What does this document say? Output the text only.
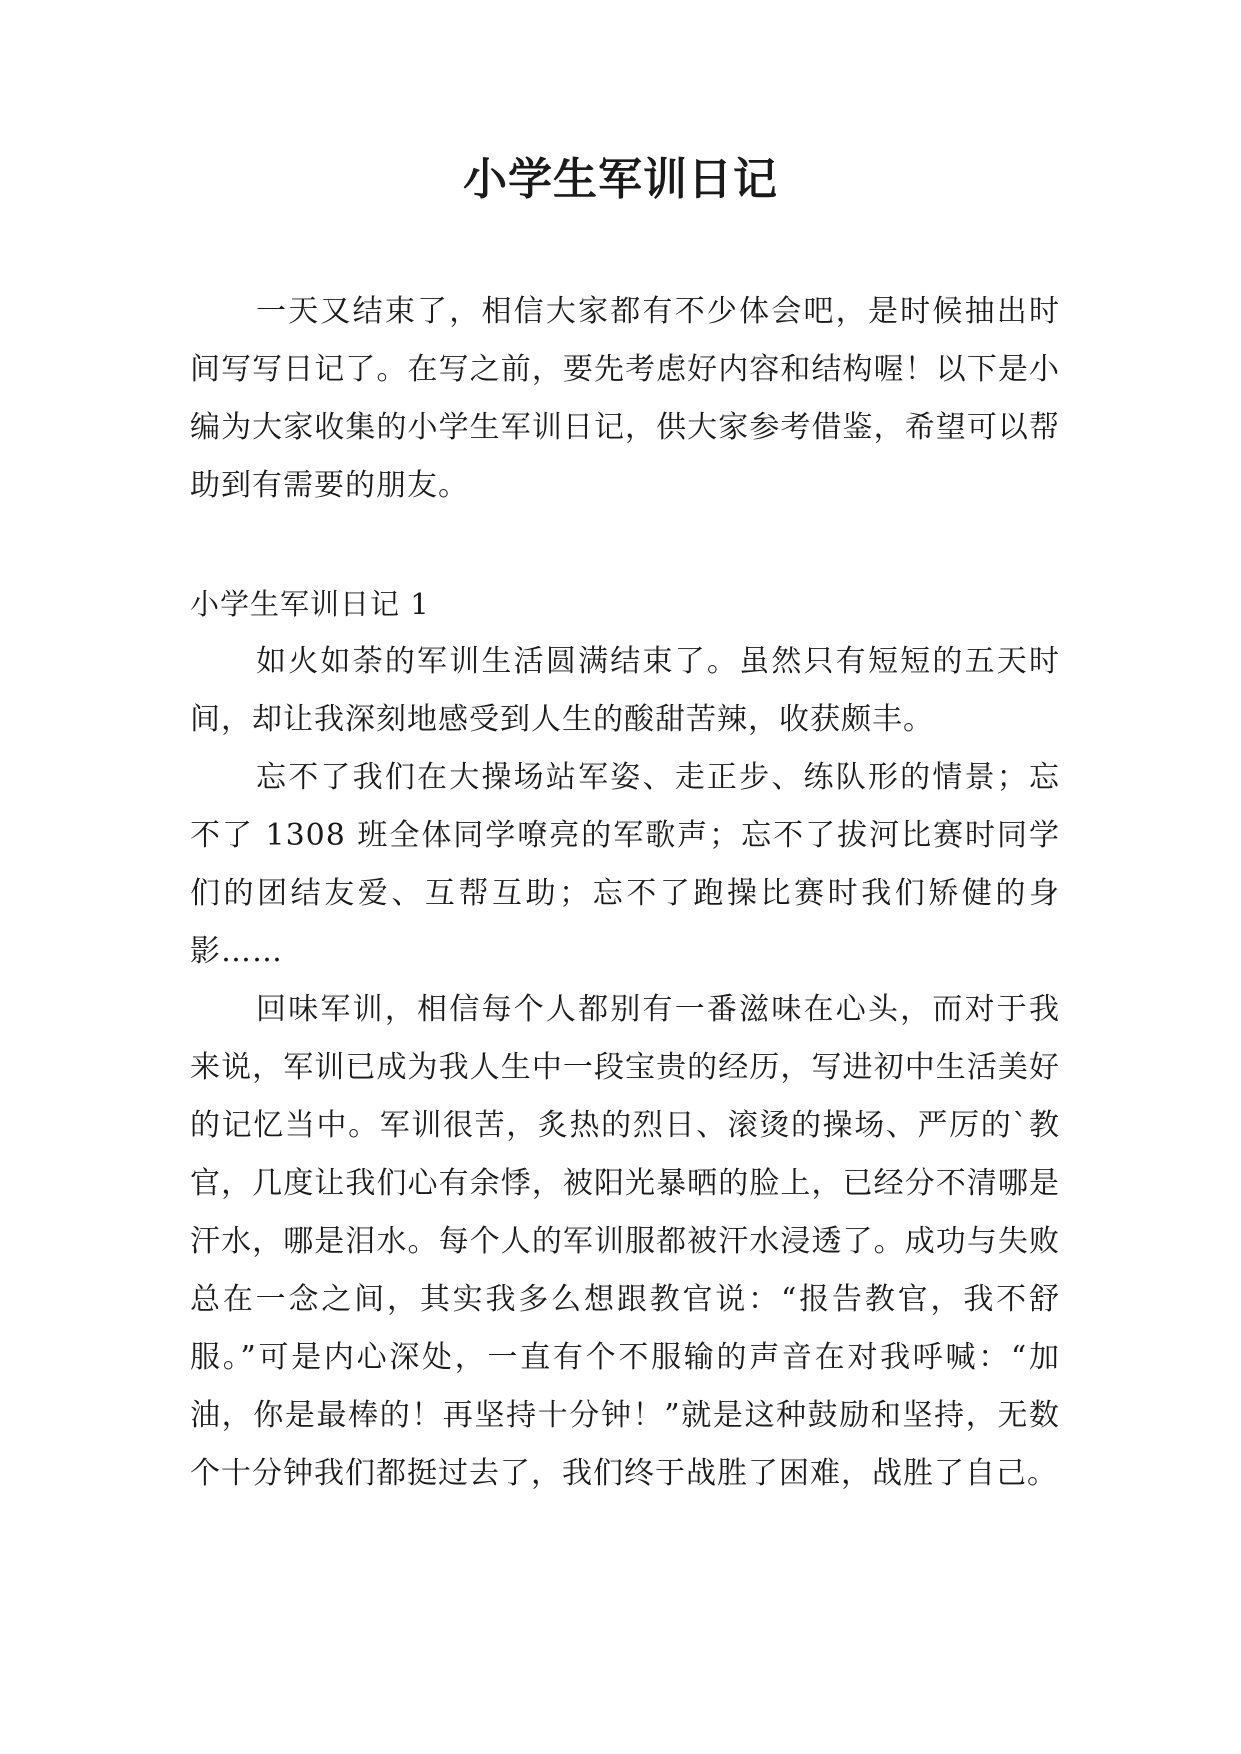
小学生军训日记

一天又结束了，相信大家都有不少体会吧，是时候抽出时间写写日记了。在写之前，要先考虑好内容和结构喔！以下是小编为大家收集的小学生军训日记，供大家参考借鉴，希望可以帮助到有需要的朋友。

小学生军训日记 1

如火如荼的军训生活圆满结束了。虽然只有短短的五天时间，却让我深刻地感受到人生的酸甜苦辣，收获颇丰。

忘不了我们在大操场站军姿、走正步、练队形的情景；忘不了 1308 班全体同学嘹亮的军歌声；忘不了拔河比赛时同学们的团结友爱、互帮互助；忘不了跑操比赛时我们矫健的身影……

回味军训，相信每个人都别有一番滋味在心头，而对于我来说，军训已成为我人生中一段宝贵的经历，写进初中生活美好的记忆当中。军训很苦，炙热的烈日、滚烫的操场、严厉的`教官，几度让我们心有余悸，被阳光暴晒的脸上，已经分不清哪是汗水，哪是泪水。每个人的军训服都被汗水浸透了。成功与失败总在一念之间，其实我多么想跟教官说：“报告教官，我不舒服。”可是内心深处，一直有个不服输的声音在对我呼喊：“加油，你是最棒的！再坚持十分钟！”就是这种鼓励和坚持，无数个十分钟我们都挺过去了，我们终于战胜了困难，战胜了自己。
